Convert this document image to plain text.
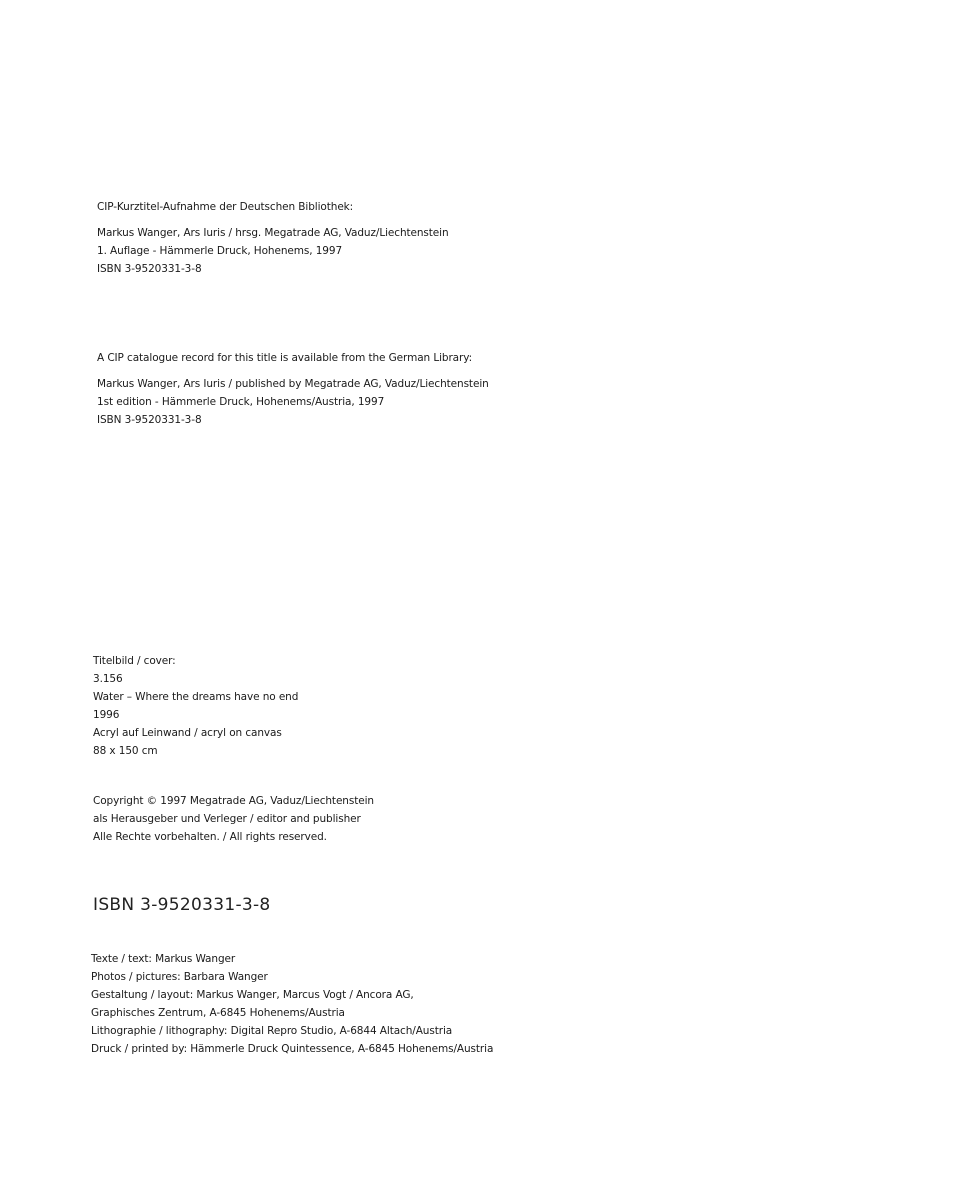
CIP-Kurztitel-Aufnahme der Deutschen Bibliothek:
Markus Wanger, Ars Iuris / hrsg. Megatrade AG, Vaduz/Liechtenstein
1. Auflage - Hämmerle Druck, Hohenems, 1997
ISBN 3-9520331-3-8
A CIP catalogue record for this title is available from the German Library:
Markus Wanger, Ars Iuris / published by Megatrade AG, Vaduz/Liechtenstein
1st edition - Hämmerle Druck, Hohenems/Austria, 1997
ISBN 3-9520331-3-8
Titelbild / cover:
3.156
Water – Where the dreams have no end
1996
Acryl auf Leinwand / acryl on canvas
88 x 150 cm
Copyright © 1997 Megatrade AG, Vaduz/Liechtenstein
als Herausgeber und Verleger / editor and publisher
Alle Rechte vorbehalten. / All rights reserved.
ISBN 3-9520331-3-8
Texte / text: Markus Wanger
Photos / pictures: Barbara Wanger
Gestaltung / layout: Markus Wanger, Marcus Vogt / Ancora AG,
Graphisches Zentrum, A-6845 Hohenems/Austria
Lithographie / lithography: Digital Repro Studio, A-6844 Altach/Austria
Druck / printed by: Hämmerle Druck Quintessence, A-6845 Hohenems/Austria
